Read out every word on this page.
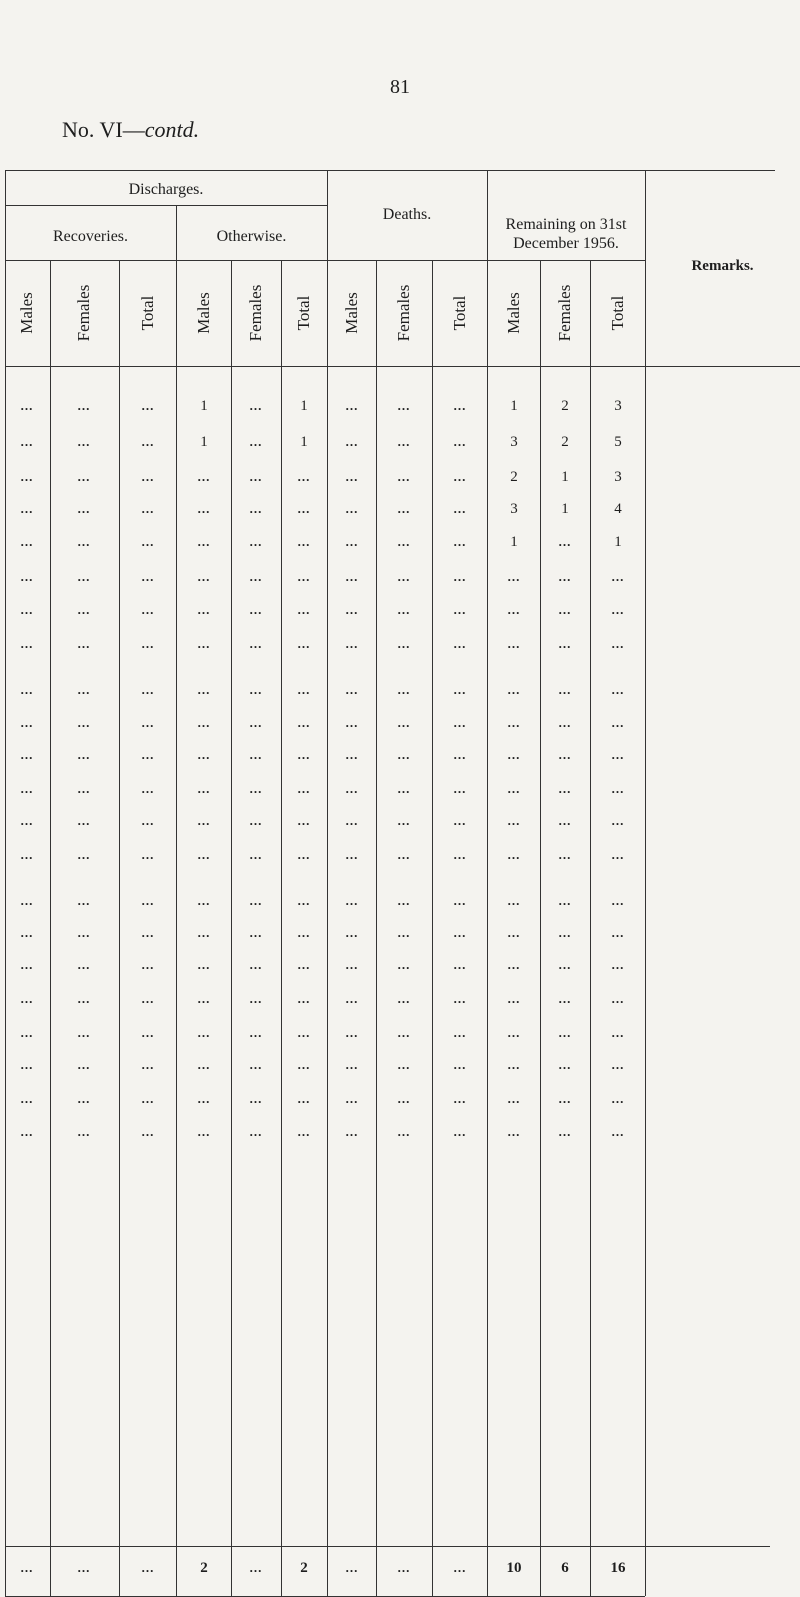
81
No. VI—contd.
Discharges.
Recoveries.	Otherwise.
Deaths.
Remaining on 31st
December 1956.
Remarks.
Males Females	Total Males Females Total Males Females Total Males Females Total
...	...	...	1	...	1	...	...	...	1	2	3
...	...	...	1	...	1	...	...	...	3	2	5
...	...	...	...	...	...	...	...	...	2	1	3
...	...	...	...	...	...	...	...	...	3	1	4
...	...	...	...	...	...	...	...	...	1	...	1
...	...	...	...	...	...	...	...	...	...	...	...
...	...	...	...	...	...	...	...	...	...	...	...
...	...	...	...	...	...	...	...	...	...	...	...
...	...	...	...	...	...	...	...	...	...	...	...
...	...	...	...	...	...	...	...	...	...	...	...
...	...	...	...	...	...	...	...	...	...	...	...
...	...	...	...	...	...	...	...	...	...	...	...
...	...	...	...	...	...	...	...	...	...	...	...
...	...	...	...	...	...	...	...	...	...	...	...
...	...	...	...	...	...	...	...	...	...	...	...
...	...	...	...	...	...	...	...	...	...	...	...
...	...	...	...	...	...	...	...	...	...	...	...
...	...	...	...	...	...	...	...	...	...	...	...
...	...	...	...	...	...	...	...	...	...	...	...
...	...	...	...	...	...	...	...	...	...	...	...
...	...	...	...	...	...	...	...	...	...	...	...
...	...	...	...	...	...	...	...	...	...	...	...
...	...	...	2	...	2	...	...	...	10	6	16
